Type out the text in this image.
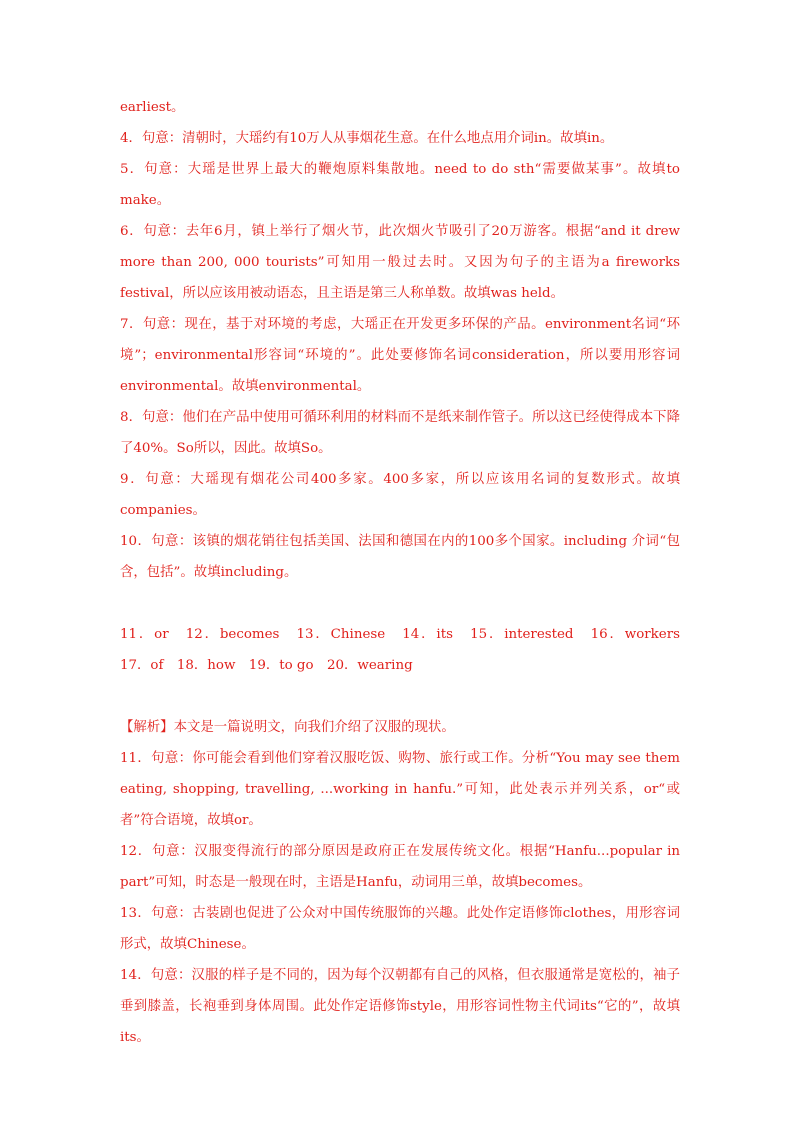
earliest。

4．句意：清朝时，大瑶约有10万人从事烟花生意。在什么地点用介词in。故填in。

5．句意：大瑶是世界上最大的鞭炮原料集散地。need to do sth“需要做某事”。故填to make。

6．句意：去年6月，镇上举行了烟火节，此次烟火节吸引了20万游客。根据“and it drew more than 200, 000 tourists”可知用一般过去时。又因为句子的主语为a fireworks festival，所以应该用被动语态，且主语是第三人称单数。故填was held。

7．句意：现在，基于对环境的考虑，大瑶正在开发更多环保的产品。environment名词“环境”；environmental形容词“环境的”。此处要修饰名词consideration，所以要用形容词environmental。故填environmental。

8．句意：他们在产品中使用可循环利用的材料而不是纸来制作管子。所以这已经使得成本下降了40%。So所以，因此。故填So。

9．句意：大瑶现有烟花公司400多家。400多家，所以应该用名词的复数形式。故填companies。

10．句意：该镇的烟花销往包括美国、法国和德国在内的100多个国家。including 介词“包含，包括”。故填including。

11．or　12．becomes　13．Chinese　14．its　15．interested　16．workers　17．of　18．how　19．to go　20．wearing

【解析】本文是一篇说明文，向我们介绍了汉服的现状。

11．句意：你可能会看到他们穿着汉服吃饭、购物、旅行或工作。分析“You may see them eating, shopping, travelling, ...working in hanfu.”可知，此处表示并列关系，or“或者”符合语境，故填or。

12．句意：汉服变得流行的部分原因是政府正在发展传统文化。根据“Hanfu...popular in part”可知，时态是一般现在时，主语是Hanfu，动词用三单，故填becomes。

13．句意：古装剧也促进了公众对中国传统服饰的兴趣。此处作定语修饰clothes，用形容词形式，故填Chinese。

14．句意：汉服的样子是不同的，因为每个汉朝都有自己的风格，但衣服通常是宽松的，袖子垂到膝盖，长袍垂到身体周围。此处作定语修饰style，用形容词性物主代词its“它的”，故填its。
